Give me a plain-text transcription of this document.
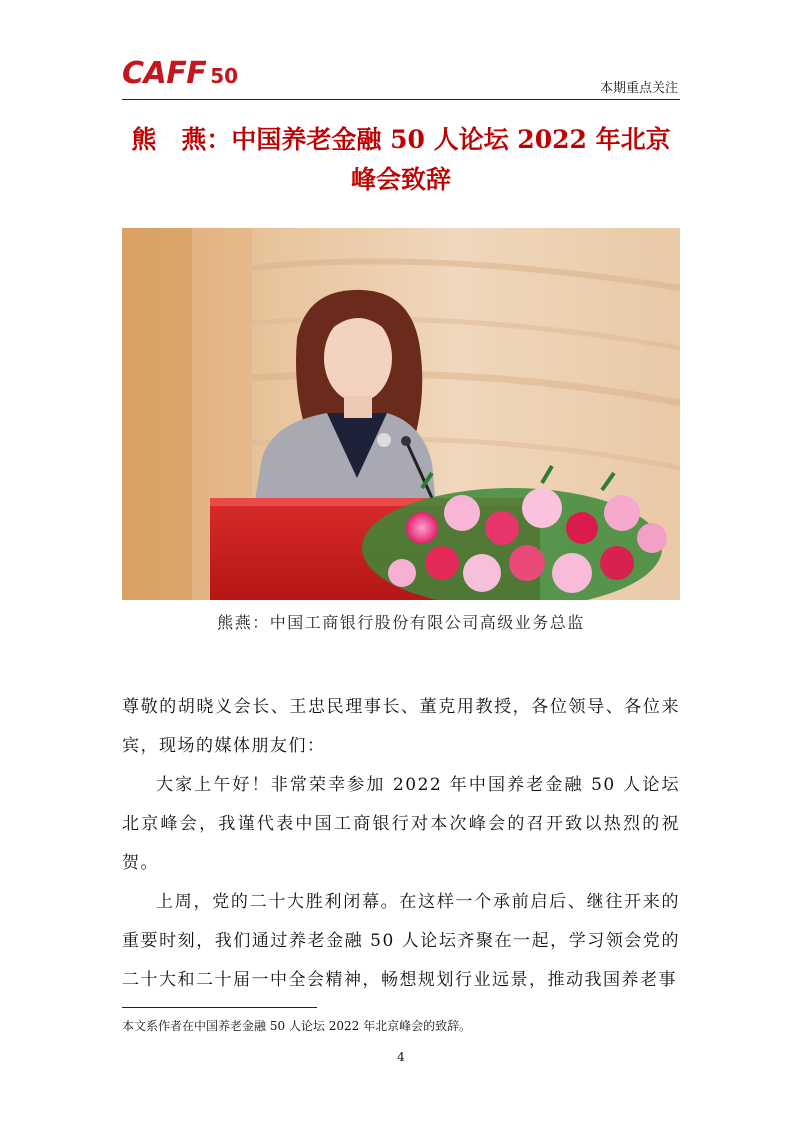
CAFF 50
本期重点关注
熊　燕：中国养老金融 50 人论坛 2022 年北京
峰会致辞
熊燕：中国工商银行股份有限公司高级业务总监

尊敬的胡晓义会长、王忠民理事长、董克用教授，各位领导、各位来宾，现场的媒体朋友们：

大家上午好！非常荣幸参加 2022 年中国养老金融 50 人论坛北京峰会，我谨代表中国工商银行对本次峰会的召开致以热烈的祝贺。

上周，党的二十大胜利闭幕。在这样一个承前启后、继往开来的重要时刻，我们通过养老金融 50 人论坛齐聚在一起，学习领会党的二十大和二十届一中全会精神，畅想规划行业远景，推动我国养老事

本文系作者在中国养老金融 50 人论坛 2022 年北京峰会的致辞。
4
